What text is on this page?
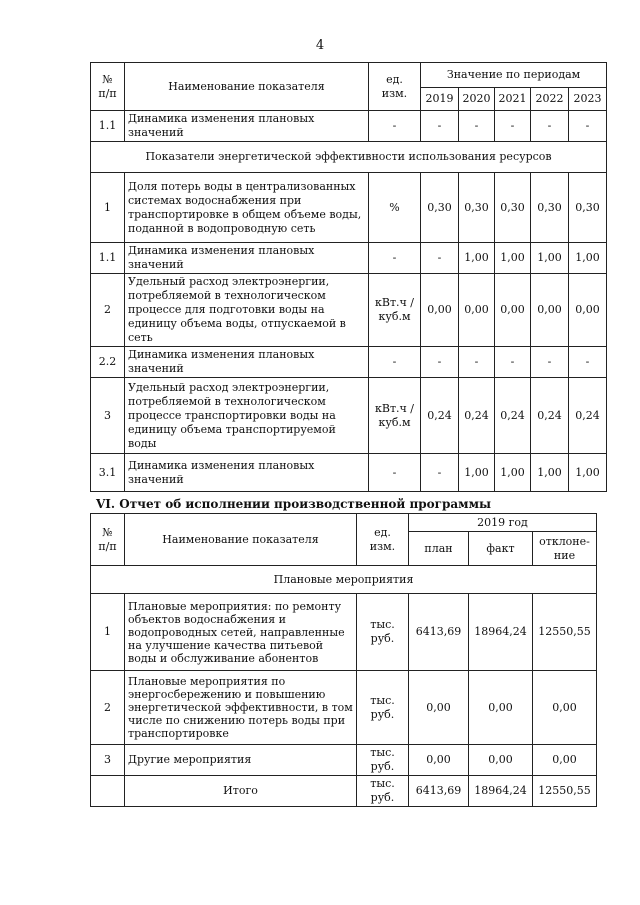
4
№
п/п	Наименование показателя	ед.
изм.	Значение по периодам				
			2019	2020	2021	2022	2023
1.1	Динамика изменения плановых значений	-	-	-	-	-	-
Показатели энергетической эффективности использования ресурсов							
1	Доля потерь воды в централизованных системах водоснабжения при транспортировке в общем объеме воды, поданной в водопроводную сеть	%	0,30	0,30	0,30	0,30	0,30
1.1	Динамика изменения плановых значений	-	-	1,00	1,00	1,00	1,00
2	Удельный расход электроэнергии, потребляемой в технологическом процессе для подготовки воды на единицу объема воды, отпускаемой в сеть	кВт.ч / куб.м	0,00	0,00	0,00	0,00	0,00
2.2	Динамика изменения плановых значений	-	-	-	-	-	-
3	Удельный расход электроэнергии, потребляемой в технологическом процессе транспортировки воды на единицу объема транспортируемой воды	кВт.ч / куб.м	0,24	0,24	0,24	0,24	0,24
3.1	Динамика изменения плановых значений	-	-	1,00	1,00	1,00	1,00
VI. Отчет об исполнении производственной программы
№
п/п	Наименование показателя	ед.
изм.	2019 год		
			план	факт	отклоне-
ние
Плановые мероприятия					
1	Плановые мероприятия: по ремонту объектов водоснабжения и водопроводных сетей, направленные на улучшение качества питьевой воды и обслуживание абонентов	тыс.
руб.	6413,69	18964,24	12550,55
2	Плановые мероприятия по энергосбережению и повышению энергетической эффективности, в том числе по снижению потерь воды при транспортировке	тыс.
руб.	0,00	0,00	0,00
3	Другие мероприятия	тыс.
руб.	0,00	0,00	0,00
	Итого	тыс.
руб.	6413,69	18964,24	12550,55
